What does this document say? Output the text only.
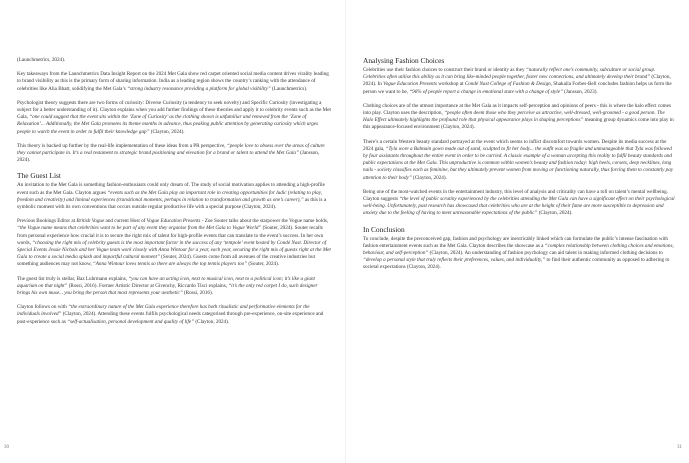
(Launchmetrics, 2024).

Key takeaways from the Launchmetrics Data Insight Report on the 2024 Met Gala show red carpet oriented social media content drives virality leading to brand visibility as this is the primary form of sharing information. India as a leading region shows the country’s ranking with the attendance of celebrities like Alia Bhatt, solidifying the Met Gala’s “strong industry resonance providing a platform for global visibility” (Launchmetrics).

Psychologist theory suggests there are two forms of curiosity: Diverse Curiosity (a tendency to seek novelty) and Specific Curiosity (investigating a subject for a better understanding of it). Clayton explains when you add further findings of these theories and apply it to celebrity events such as the Met Gala, “one could suggest that the event sits within the ‘Zone of Curiosity’ as the clothing shown is unfamiliar and removed from the ‘Zone of Relaxation’... Additionally, the Met Gala promotes its theme months in advance, thus peaking public attention by generating curiosity which urges people to watch the event in order to fulfil their knowledge gap” (Clayton, 2024).

This theory is backed up further by the real-life implementation of these ideas from a PR perspective, “people love to obsess over the areas of culture they cannot participate in. It’s a real testament to strategic brand positioning and elevation for a brand or talent to attend the Met Gala” (Jansson, 2024).

The Guest List

An invitation to the Met Gala is something fashion-enthusiasts could only dream of. The study of social motivation applies to attending a high-profile event such as the Met Gala. Clayton argues “events such as the Met Gala play an important role in creating opportunities for ludic (relating to play, freedom and creativity) and liminal experiences (transitional moments, perhaps in relation to transformation and growth as one’s career),” as this is a symbolic moment with its own conventions that occurs outside regular productive life with a special purpose (Clayton, 2024).

Previous Bookings Editor at British Vogue and current Host of Vogue Education Presents - Zoe Souter talks about the starpower the Vogue name holds, “the Vogue name means that celebrities want to be part of any event they organise from the Met Gala to Vogue World” (Souter, 2024). Souter recalls from personal experience how crucial it is to secure the right mix of talent for high-profile events that can translate to the event’s success. In her own words, “choosing the right mix of celebrity guests is the most important factor in the success of any ‘tentpole’ event hosted by Condé Nast. Director of Special Events Jessie Nichols and her Vogue team work closely with Anna Wintour for a year, each year, securing the right mix of guests right at the Met Gala to create a social media splash and impactful cultural moment” (Souter, 2024). Guests come from all avenues of the creative industries but something audiences may not know, “Anna Wintour loves tennis so there are always the top tennis players too” (Souter, 2024).

The guest list truly is stellar, Baz Luhrmann explains, “you can have an acting icon, next to musical icon, next to a political icon; it’s like a giant aquarium on that night” (Rossi, 2016). Former Artistic Director at Givenchy, Riccardo Tisci explains, “it’s the only red carpet I do, such designer brings his own muse... you bring the person that most represents your aesthetic” (Rossi, 2016).

Clayton follows on with “the extraordinary nature of the Met Gala experience therefore has both ritualistic and performative elements for the individuals involved” (Clayton, 2024). Attending these events fulfils psychological needs categorised through pre-experience, on-site experience and post-experience such as “self-actualisation, personal development and quality of life” (Clayton, 2024).

30
Analysing Fashion Choices

Celebrities use their fashion choices to construct their brand or identity as they “naturally reflect one’s community, subculture or social group. Celebrities often utilise this ability as it can bring like-minded people together, foster new connections, and ultimately develop their brand” (Clayton, 2024). In Vogue Education Presents workshop at Condé Nast College of Fashion & Design, Shakaila Forbes-Bell concludes fashion helps us form the person we want to be, “96% of people report a change in emotional state with a change of style” (Jansson, 2023).

Clothing choices are of the utmost importance at the Met Gala as it impacts self-perception and opinions of peers - this is where the halo effect comes into play. Clayton uses the description, “people often deem those who they perceive as attractive, well-dressed, well-groomed - a good person. The Halo Effect ultimately highlights the profound role that physical appearance plays in shaping perceptions” meaning group dynamics come into play in this appearance-focused environment (Clayton, 2024).

There’s a certain Western beauty standard portrayed at the event which seems to inflict discomfort towards women. Despite its media success at the 2024 gala, “Tyla wore a Balmain gown made out of sand, sculpted to fit her body... the outfit was so fragile and unmanageable that Tyla was followed by four assistants throughout the entire event in order to be carried. A classic example of a woman accepting this reality to fulfil beauty standards and public expectations at the Met Gala. This unproductive is common within women’s beauty and fashion today: high heels, corsets, deep necklines, long nails - society classifies each as feminine, but they ultimately prevent women from moving or functioning naturally, thus forcing them to constantly pay attention to their body” (Clayton, 2024).

Being one of the most-watched events in the entertainment industry, this level of analysis and criticality can have a toll on talent’s mental wellbeing. Clayton suggests “the level of public scrutiny experienced by the celebrities attending the Met Gala can have a significant effect on their psychological well-being. Unfortunately, past research has showcased that celebrities who are at the height of their fame are more susceptible to depression and anxiety due to the feeling of having to meet unreasonable expectations of the public” (Clayton, 2024).

In Conclusion

To conclude, despite the preconceived gap, fashion and psychology are inextricably linked which can formulate the public’s intense fascination with fashion entertainment events such as the Met Gala. Clayton describes the showcase as a “complex relationship between clothing choices and emotions, behaviour, and self-perception” (Clayton, 2024). An understanding of fashion psychology can aid talent in making informed clothing decisions to “develop a personal style that truly reflects their preferences, values, and individuality,” to find their authentic community as opposed to adhering to societal expectations (Clayton, 2024).

31
